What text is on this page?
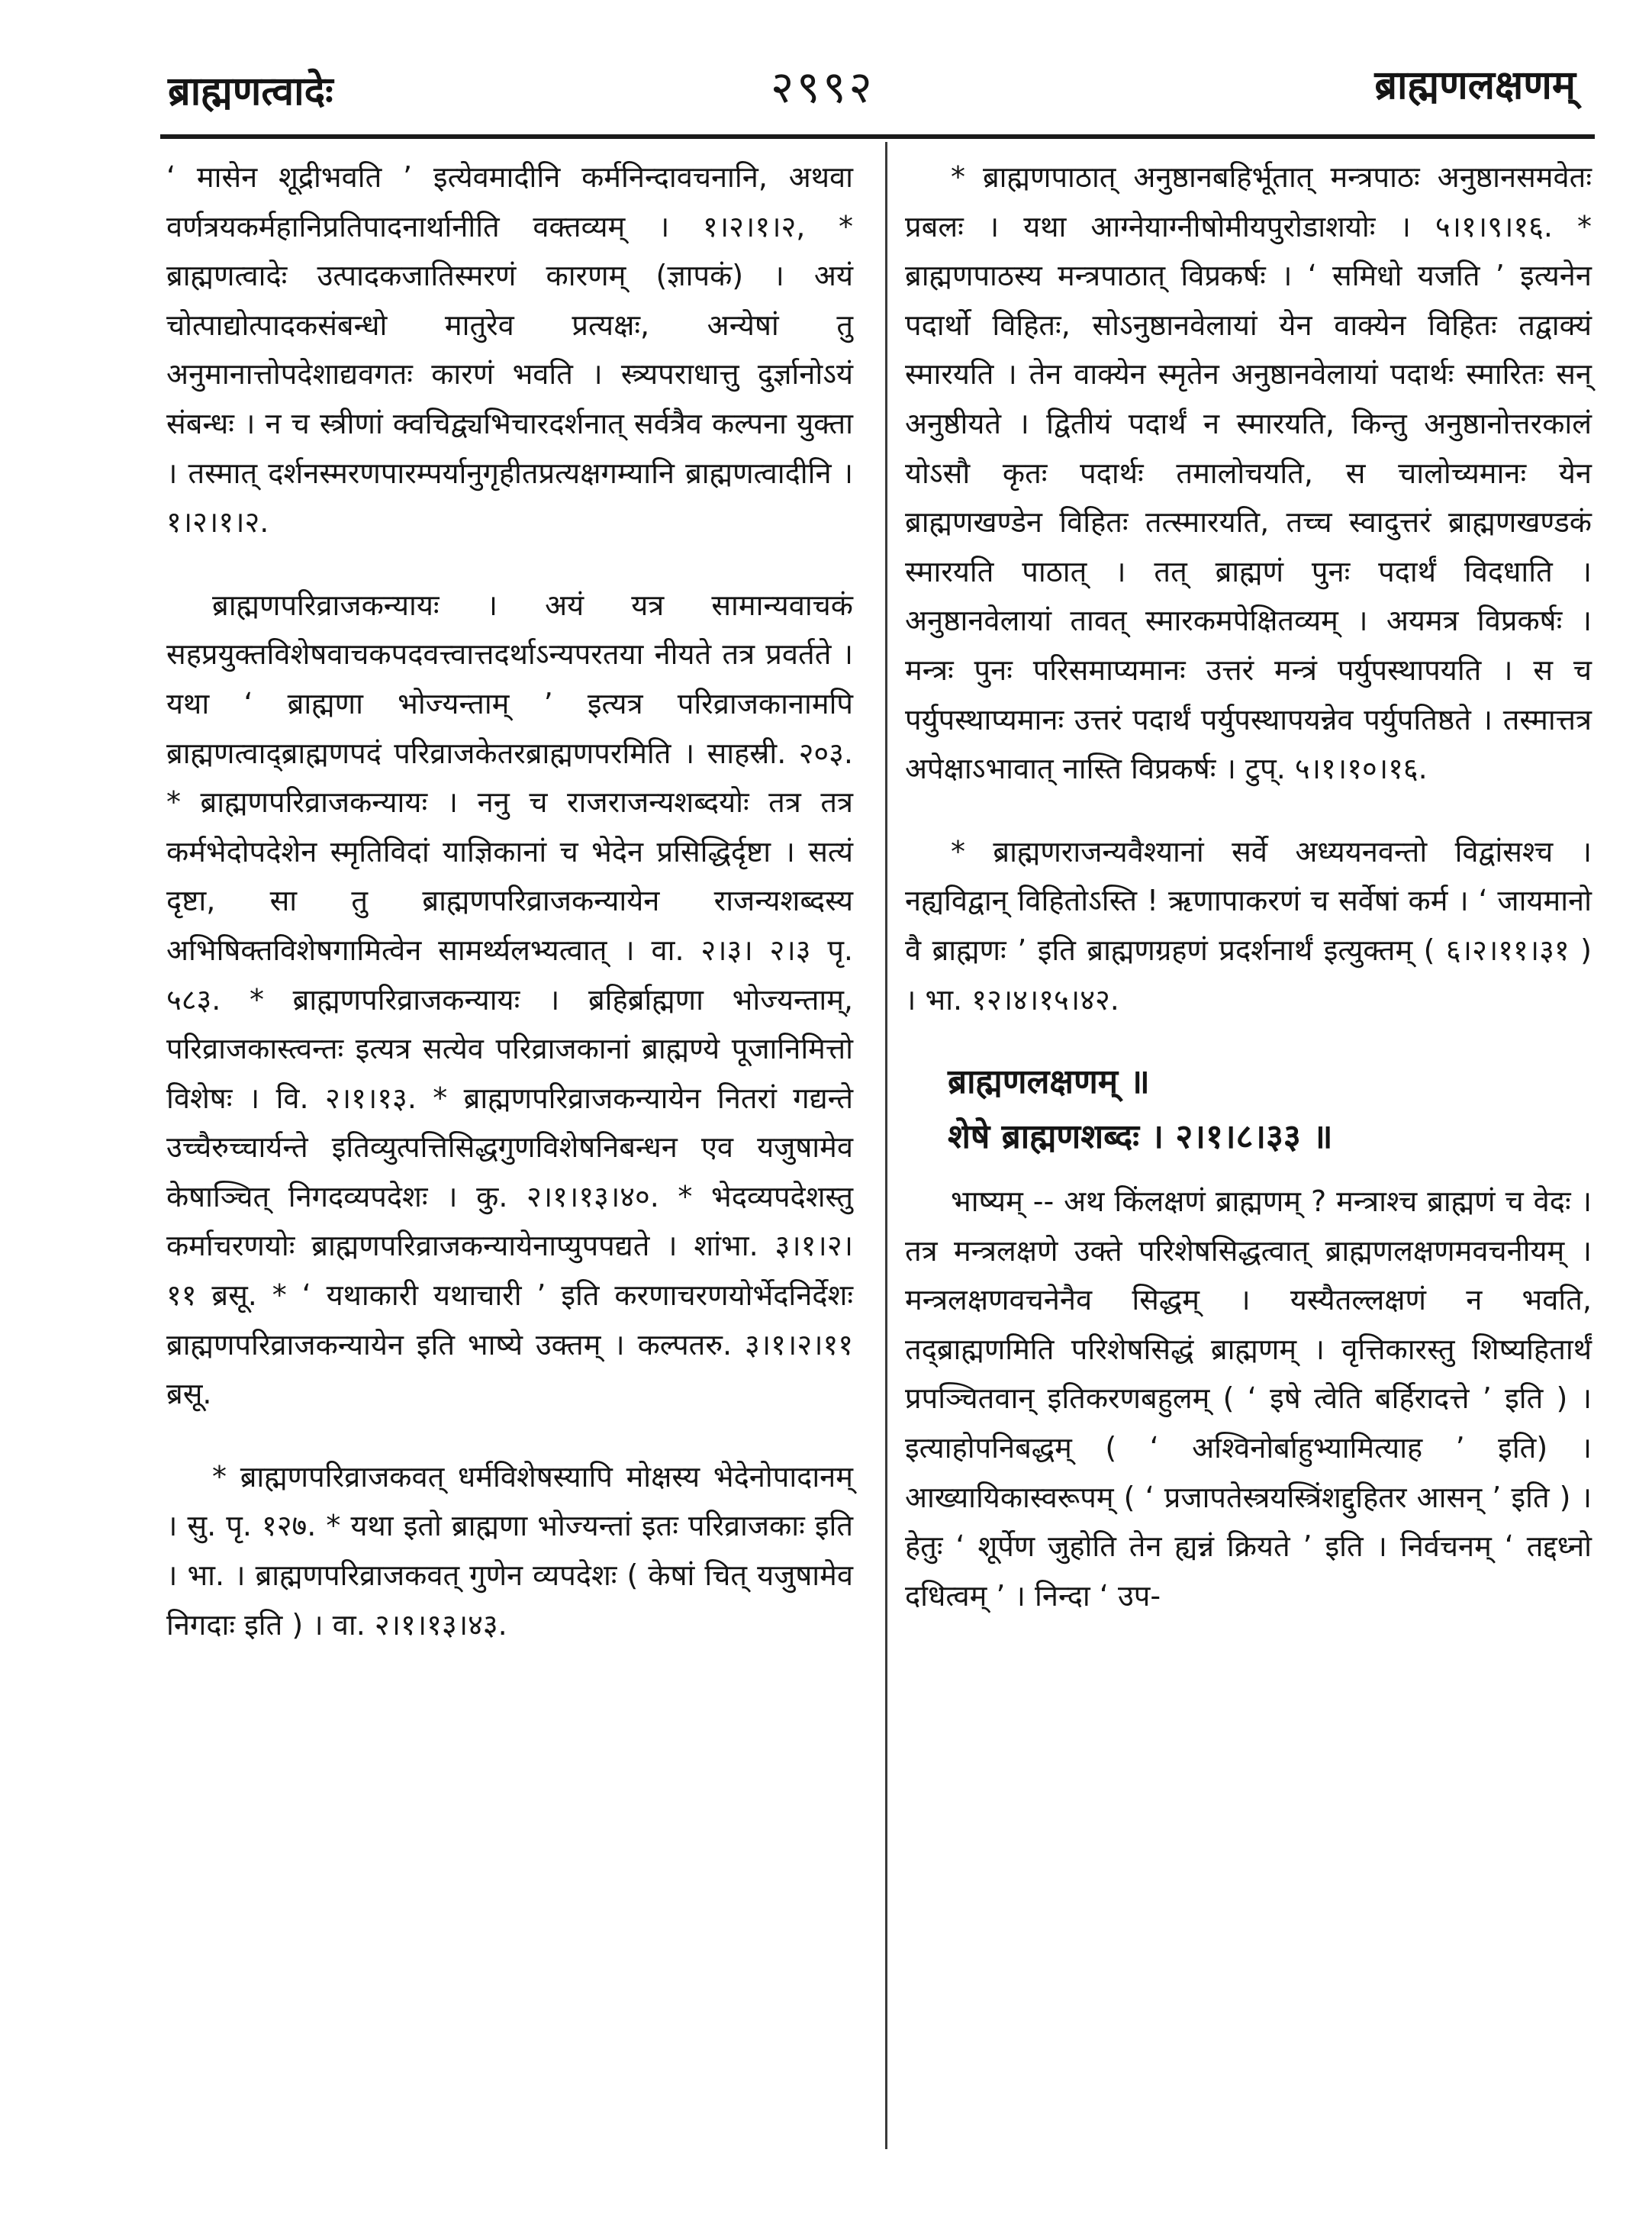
ब्राह्मणत्वादेः	२९९२	ब्राह्मणलक्षणम्

‘ मासेन शूद्रीभवति ’ इत्येवमादीनि कर्मनिन्दावचनानि, अथवा वर्णत्रयकर्महानिप्रतिपादनार्थानीति वक्तव्यम् । १।२।१।२, * ब्राह्मणत्वादेः उत्पादकजातिस्मरणं कारणम् (ज्ञापकं) । अयं चोत्पाद्योत्पादकसंबन्धो मातुरेव प्रत्यक्षः, अन्येषां तु अनुमानात्तोपदेशाद्यवगतः कारणं भवति । स्त्र्यपराधात्तु दुर्ज्ञानोऽयं संबन्धः । न च स्त्रीणां क्वचिद्व्यभिचारदर्शनात् सर्वत्रैव कल्पना युक्ता । तस्मात् दर्शनस्मरणपारम्पर्यानुगृहीतप्रत्यक्षगम्यानि ब्राह्मणत्वादीनि । १।२।१।२.

ब्राह्मणपरिव्राजकन्यायः । अयं यत्र सामान्यवाचकं सहप्रयुक्तविशेषवाचकपदवत्त्वात्तदर्थाऽन्यपरतया नीयते तत्र प्रवर्तते । यथा ‘ ब्राह्मणा भोज्यन्ताम् ’ इत्यत्र परिव्राजकानामपि ब्राह्मणत्वाद्ब्राह्मणपदं परिव्राजकेतरब्राह्मणपरमिति । साहस्री. २०३. * ब्राह्मणपरिव्राजकन्यायः । ननु च राजराजन्यशब्दयोः तत्र तत्र कर्मभेदोपदेशेन स्मृतिविदां याज्ञिकानां च भेदेन प्रसिद्धिर्दृष्टा । सत्यं दृष्टा, सा तु ब्राह्मणपरिव्राजकन्यायेन राजन्यशब्दस्य अभिषिक्तविशेषगामित्वेन सामर्थ्यलभ्यत्वात् । वा. २।३। २।३ पृ. ५८३. * ब्राह्मणपरिव्राजकन्यायः । ब्रहिर्ब्राह्मणा भोज्यन्ताम्, परिव्राजकास्त्वन्तः इत्यत्र सत्येव परिव्राजकानां ब्राह्मण्ये पूजानिमित्तो विशेषः । वि. २।१।१३. * ब्राह्मणपरिव्राजकन्यायेन नितरां गद्यन्ते उच्चैरुच्चार्यन्ते इतिव्युत्पत्तिसिद्धगुणविशेषनिबन्धन एव यजुषामेव केषाञ्चित् निगदव्यपदेशः । कु. २।१।१३।४०. * भेदव्यपदेशस्तु कर्माचरणयोः ब्राह्मणपरिव्राजकन्यायेनाप्युपपद्यते । शांभा. ३।१।२।११ ब्रसू. * ‘ यथाकारी यथाचारी ’ इति करणाचरणयोर्भेदनिर्देशः ब्राह्मणपरिव्राजकन्यायेन इति भाष्ये उक्तम् । कल्पतरु. ३।१।२।११ ब्रसू.

* ब्राह्मणपरिव्राजकवत् धर्मविशेषस्यापि मोक्षस्य भेदेनोपादानम् । सु. पृ. १२७. * यथा इतो ब्राह्मणा भोज्यन्तां इतः परिव्राजकाः इति । भा. । ब्राह्मणपरिव्राजकवत् गुणेन व्यपदेशः ( केषां चित् यजुषामेव निगदाः इति ) । वा. २।१।१३।४३.

* ब्राह्मणपाठात् अनुष्ठानबहिर्भूतात् मन्त्रपाठः अनुष्ठानसमवेतः प्रबलः । यथा आग्नेयाग्नीषोमीयपुरोडाशयोः । ५।१।९।१६. * ब्राह्मणपाठस्य मन्त्रपाठात् विप्रकर्षः । ‘ समिधो यजति ’ इत्यनेन पदार्थो विहितः, सोऽनुष्ठानवेलायां येन वाक्येन विहितः तद्वाक्यं स्मारयति । तेन वाक्येन स्मृतेन अनुष्ठानवेलायां पदार्थः स्मारितः सन् अनुष्ठीयते । द्वितीयं पदार्थं न स्मारयति, किन्तु अनुष्ठानोत्तरकालं योऽसौ कृतः पदार्थः तमालोचयति, स चालोच्यमानः येन ब्राह्मणखण्डेन विहितः तत्स्मारयति, तच्च स्वादुत्तरं ब्राह्मणखण्डकं स्मारयति पाठात् । तत् ब्राह्मणं पुनः पदार्थं विदधाति । अनुष्ठानवेलायां तावत् स्मारकमपेक्षितव्यम् । अयमत्र विप्रकर्षः । मन्त्रः पुनः परिसमाप्यमानः उत्तरं मन्त्रं पर्युपस्थापयति । स च पर्युपस्थाप्यमानः उत्तरं पदार्थं पर्युपस्थापयन्नेव पर्युपतिष्ठते । तस्मात्तत्र अपेक्षाऽभावात् नास्ति विप्रकर्षः । टुप्. ५।१।१०।१६.

* ब्राह्मणराजन्यवैश्यानां सर्वे अध्ययनवन्तो विद्वांसश्च । नह्यविद्वान् विहितोऽस्ति ! ऋणापाकरणं च सर्वेषां कर्म । ‘ जायमानो वै ब्राह्मणः ’ इति ब्राह्मणग्रहणं प्रदर्शनार्थं इत्युक्तम् ( ६।२।११।३१ ) । भा. १२।४।१५।४२.

ब्राह्मणलक्षणम् ॥

शेषे ब्राह्मणशब्दः । २।१।८।३३ ॥

भाष्यम् -- अथ किंलक्षणं ब्राह्मणम् ? मन्त्राश्च ब्राह्मणं च वेदः । तत्र मन्त्रलक्षणे उक्ते परिशेषसिद्धत्वात् ब्राह्मणलक्षणमवचनीयम् । मन्त्रलक्षणवचनेनैव सिद्धम् । यस्यैतल्लक्षणं न भवति, तद्ब्राह्मणमिति परिशेषसिद्धं ब्राह्मणम् । वृत्तिकारस्तु शिष्यहितार्थं प्रपञ्चितवान् इतिकरणबहुलम् ( ‘ इषे त्वेति बर्हिरादत्ते ’ इति ) । इत्याहोपनिबद्धम् ( ‘ अश्विनोर्बाहुभ्यामित्याह ’ इति) । आख्यायिकास्वरूपम् ( ‘ प्रजापतेस्त्रयस्त्रिंशद्दुहितर आसन् ’ इति ) । हेतुः ‘ शूर्पेण जुहोति तेन ह्यन्नं क्रियते ’ इति । निर्वचनम् ‘ तद्दध्नो दधित्वम् ’ । निन्दा ‘ उप-
